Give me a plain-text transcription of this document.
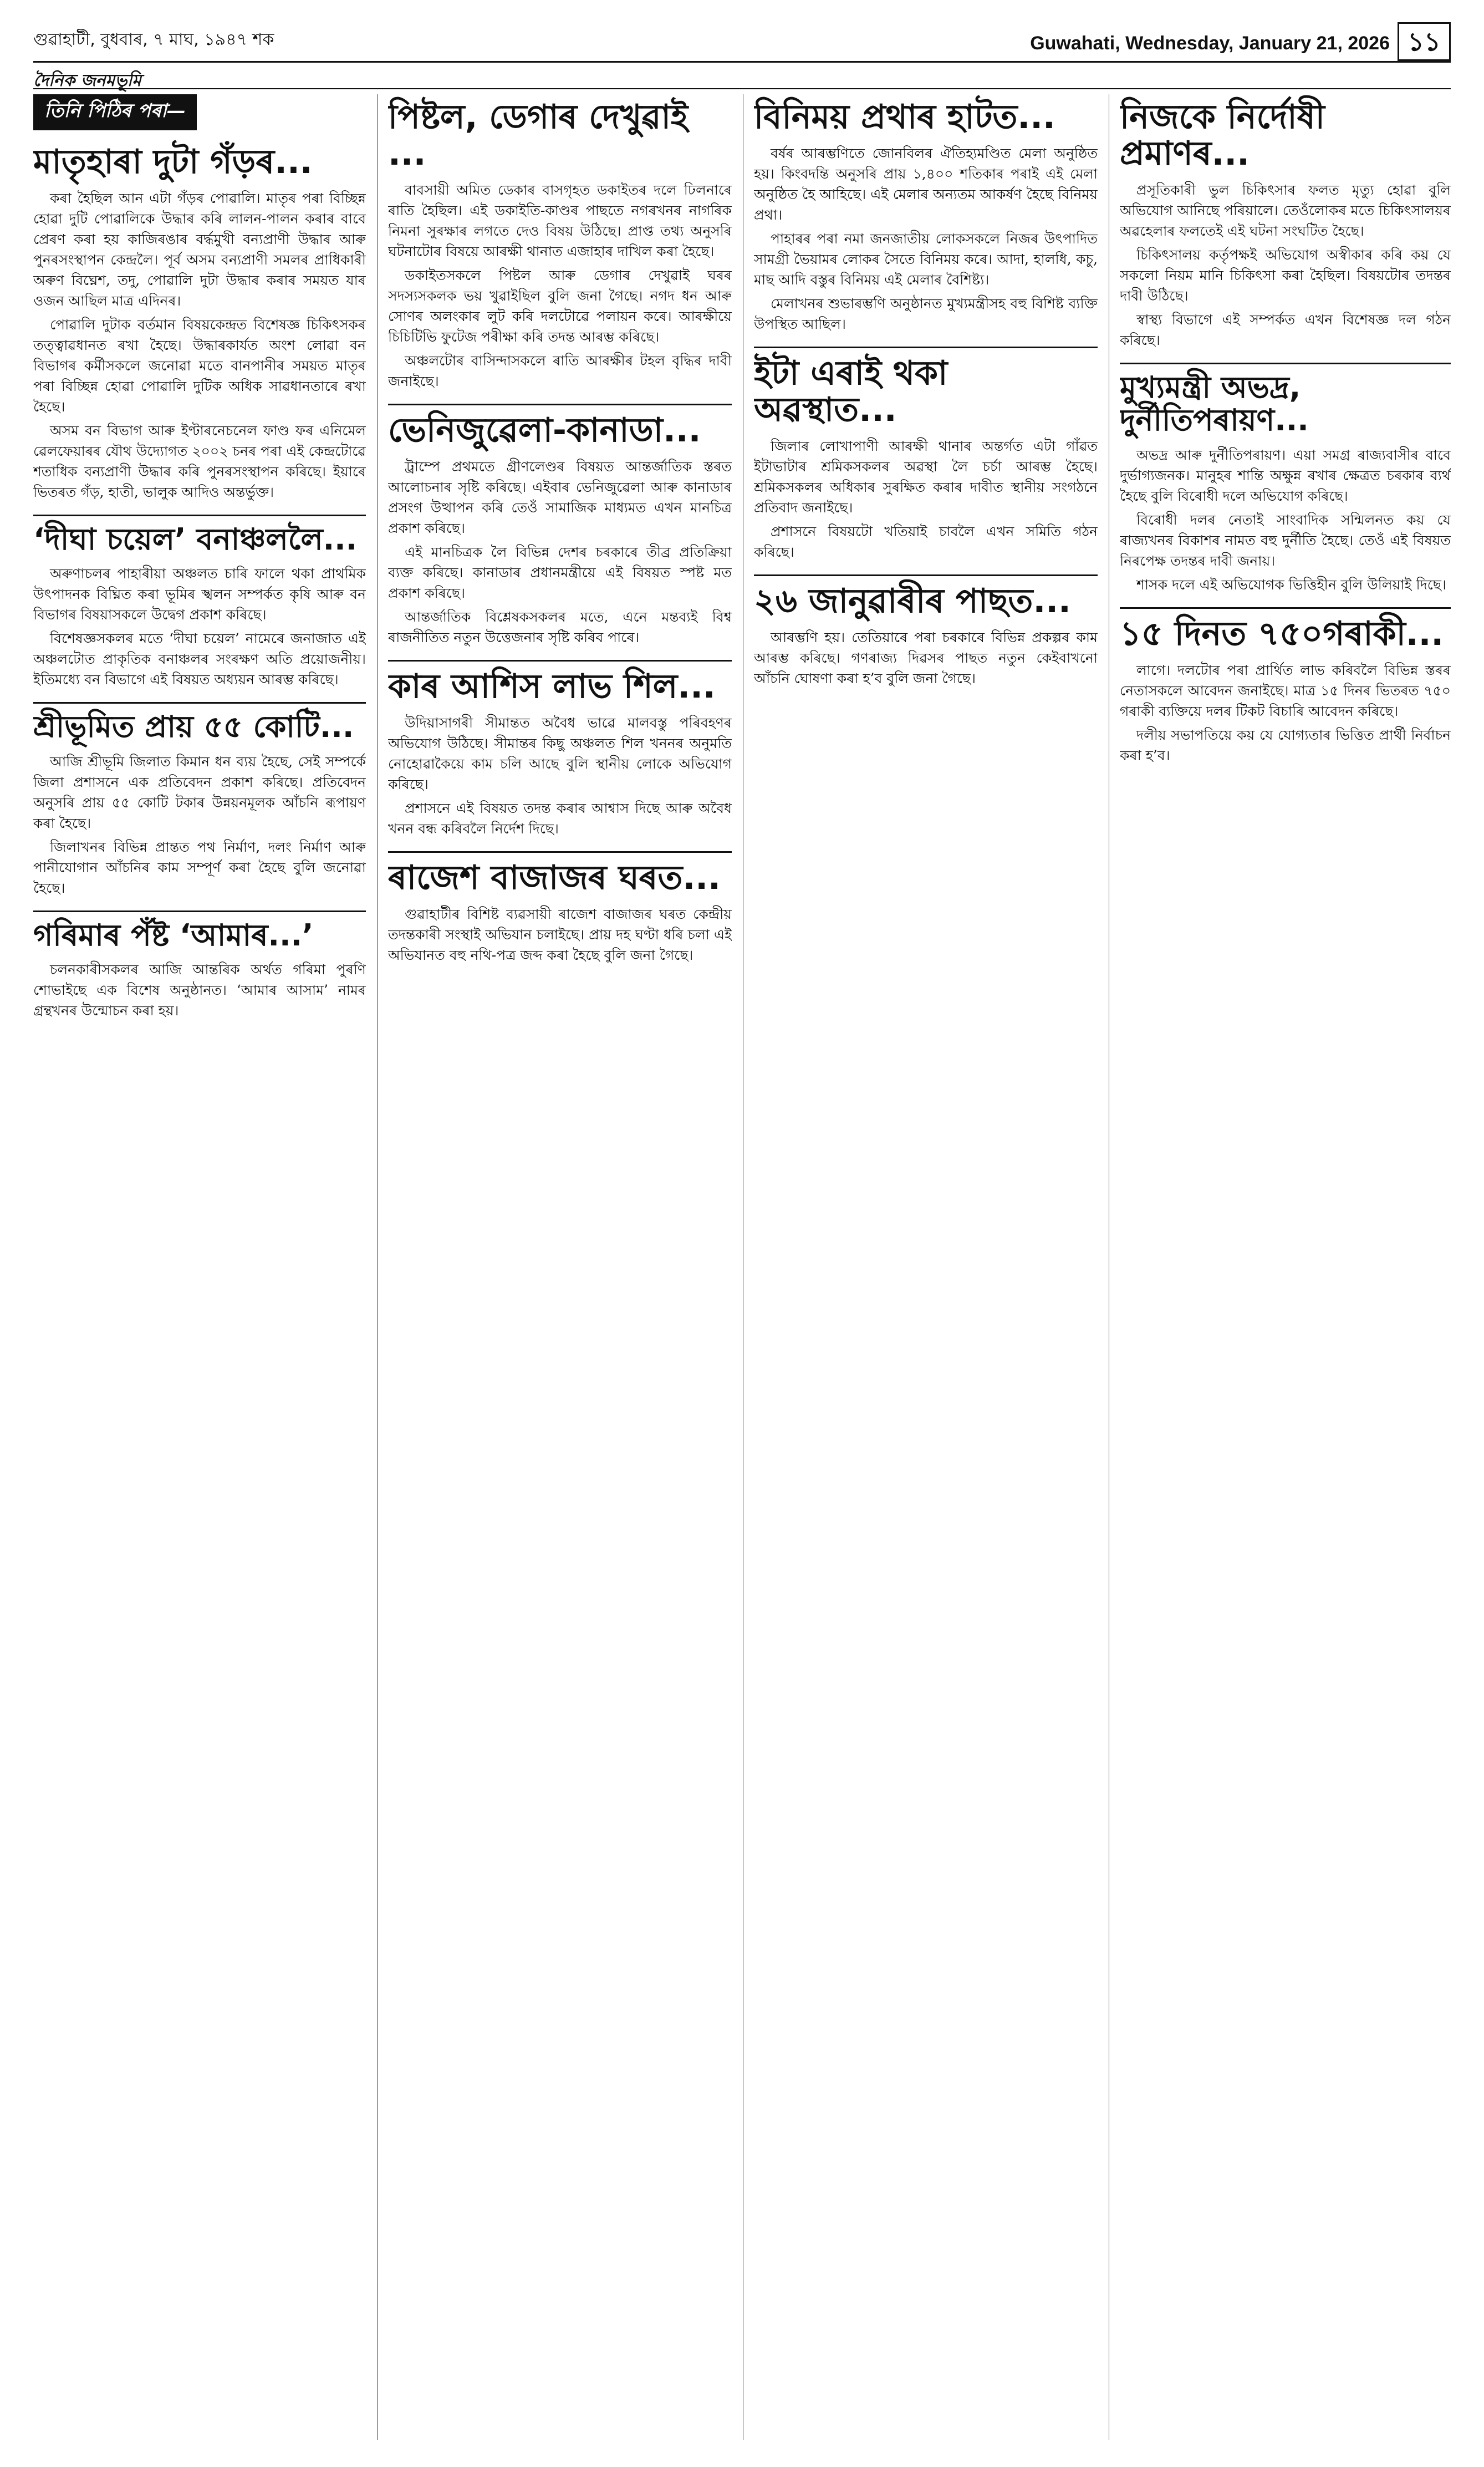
গুৱাহাটী, বুধবাৰ, ৭ মাঘ, ১৯৪৭ শক	Guwahati, Wednesday, January 21, 2026 ১১
দৈনিক জনমভূমি
তিনি পিঠিৰ পৰা—
মাতৃহাৰা দুটা গঁড়ৰ...

কৰা হৈছিল আন এটা গঁড়ৰ পোৱালি। মাতৃৰ পৰা বিচ্ছিন্ন হোৱা দুটি পোৱালিকে উদ্ধাৰ কৰি লালন-পালন কৰাৰ বাবে প্ৰেৰণ কৰা হয় কাজিৰঙাৰ বৰ্দ্ধমুখী বন্যপ্ৰাণী উদ্ধাৰ আৰু পুনৰসংস্থাপন কেন্দ্ৰলৈ। পূৰ্ব অসম বন্যপ্ৰাণী সমলৰ প্ৰাধিকাৰী অৰুণ বিঘ্নেশ, তদু, পোৱালি দুটা উদ্ধাৰ কৰাৰ সময়ত যাৰ ওজন আছিল মাত্ৰ এদিনৰ।

পোৱালি দুটাক বৰ্তমান বিষয়কেন্দ্ৰত বিশেষজ্ঞ চিকিৎসকৰ তত্ত্বাৱধানত ৰখা হৈছে। উদ্ধাৰকাৰ্যত অংশ লোৱা বন বিভাগৰ কৰ্মীসকলে জনোৱা মতে বানপানীৰ সময়ত মাতৃৰ পৰা বিচ্ছিন্ন হোৱা পোৱালি দুটিক অধিক সাৱধানতাৰে ৰখা হৈছে।

অসম বন বিভাগ আৰু ইণ্টাৰনেচনেল ফাণ্ড ফৰ এনিমেল ৱেলফেয়াৰৰ যৌথ উদ্যোগত ২০০২ চনৰ পৰা এই কেন্দ্ৰটোৱে শতাধিক বন্যপ্ৰাণী উদ্ধাৰ কৰি পুনৰসংস্থাপন কৰিছে। ইয়াৰে ভিতৰত গঁড়, হাতী, ভালুক আদিও অন্তৰ্ভুক্ত।

‘দীঘা চয়েল’ বনাঞ্চললৈ...

অৰুণাচলৰ পাহাৰীয়া অঞ্চলত চাৰি ফালে থকা প্ৰাথমিক উৎপাদনক বিঘ্নিত কৰা ভূমিৰ স্খলন সম্পৰ্কত কৃষি আৰু বন বিভাগৰ বিষয়াসকলে উদ্বেগ প্ৰকাশ কৰিছে।

বিশেষজ্ঞসকলৰ মতে ‘দীঘা চয়েল’ নামেৰে জনাজাত এই অঞ্চলটোত প্ৰাকৃতিক বনাঞ্চলৰ সংৰক্ষণ অতি প্ৰয়োজনীয়। ইতিমধ্যে বন বিভাগে এই বিষয়ত অধ্যয়ন আৰম্ভ কৰিছে।

শ্ৰীভূমিত প্ৰায় ৫৫ কোটি...

আজি শ্ৰীভূমি জিলাত কিমান ধন ব্যয় হৈছে, সেই সম্পৰ্কে জিলা প্ৰশাসনে এক প্ৰতিবেদন প্ৰকাশ কৰিছে। প্ৰতিবেদন অনুসৰি প্ৰায় ৫৫ কোটি টকাৰ উন্নয়নমূলক আঁচনি ৰূপায়ণ কৰা হৈছে।

জিলাখনৰ বিভিন্ন প্ৰান্তত পথ নিৰ্মাণ, দলং নিৰ্মাণ আৰু পানীযোগান আঁচনিৰ কাম সম্পূৰ্ণ কৰা হৈছে বুলি জনোৱা হৈছে।

গৰিমাৰ পঁষ্ট ‘আমাৰ...’

চলনকাৰীসকলৰ আজি আন্তৰিক অৰ্থত গৰিমা পুৰণি শোভাইছে এক বিশেষ অনুষ্ঠানত। ‘আমাৰ আসাম’ নামৰ গ্ৰন্থখনৰ উন্মোচন কৰা হয়।

পিষ্টল, ডেগাৰ দেখুৱাই ...

বাবসায়ী অমিত ডেকাৰ বাসগৃহত ডকাইতৰ দলে ঢিলনাৰে ৰাতি হৈছিল। এই ডকাইতি-কাণ্ডৰ পাছতে নগৰখনৰ নাগৰিক নিমনা সুৰক্ষাৰ লগতে দেও বিষয় উঠিছে। প্ৰাপ্ত তথ্য অনুসৰি ঘটনাটোৰ বিষয়ে আৰক্ষী থানাত এজাহাৰ দাখিল কৰা হৈছে।

ডকাইতসকলে পিষ্টল আৰু ডেগাৰ দেখুৱাই ঘৰৰ সদস্যসকলক ভয় খুৱাইছিল বুলি জনা গৈছে। নগদ ধন আৰু সোণৰ অলংকাৰ লুট কৰি দলটোৱে পলায়ন কৰে। আৰক্ষীয়ে চিচিটিভি ফুটেজ পৰীক্ষা কৰি তদন্ত আৰম্ভ কৰিছে।

অঞ্চলটোৰ বাসিন্দাসকলে ৰাতি আৰক্ষীৰ টহল বৃদ্ধিৰ দাবী জনাইছে।

ভেনিজুৱেলা-কানাডা...

ট্ৰাম্পে প্ৰথমতে গ্ৰীণলেণ্ডৰ বিষয়ত আন্তৰ্জাতিক স্তৰত আলোচনাৰ সৃষ্টি কৰিছে। এইবাৰ ভেনিজুৱেলা আৰু কানাডাৰ প্ৰসংগ উত্থাপন কৰি তেওঁ সামাজিক মাধ্যমত এখন মানচিত্ৰ প্ৰকাশ কৰিছে।

এই মানচিত্ৰক লৈ বিভিন্ন দেশৰ চৰকাৰে তীব্ৰ প্ৰতিক্ৰিয়া ব্যক্ত কৰিছে। কানাডাৰ প্ৰধানমন্ত্ৰীয়ে এই বিষয়ত স্পষ্ট মত প্ৰকাশ কৰিছে।

আন্তৰ্জাতিক বিশ্লেষকসকলৰ মতে, এনে মন্তব্যই বিশ্ব ৰাজনীতিত নতুন উত্তেজনাৰ সৃষ্টি কৰিব পাৰে।

কাৰ আশিস লাভ শিল...

উদিয়াসাগৰী সীমান্তত অবৈধ ভাৱে মালবস্তু পৰিবহণৰ অভিযোগ উঠিছে। সীমান্তৰ কিছু অঞ্চলত শিল খননৰ অনুমতি নোহোৱাকৈয়ে কাম চলি আছে বুলি স্থানীয় লোকে অভিযোগ কৰিছে।

প্ৰশাসনে এই বিষয়ত তদন্ত কৰাৰ আশ্বাস দিছে আৰু অবৈধ খনন বন্ধ কৰিবলৈ নিৰ্দেশ দিছে।

ৰাজেশ বাজাজৰ ঘৰত...

গুৱাহাটীৰ বিশিষ্ট ব্যৱসায়ী ৰাজেশ বাজাজৰ ঘৰত কেন্দ্ৰীয় তদন্তকাৰী সংস্থাই অভিযান চলাইছে। প্ৰায় দহ ঘণ্টা ধৰি চলা এই অভিযানত বহু নথি-পত্ৰ জব্দ কৰা হৈছে বুলি জনা গৈছে।

বিনিময় প্ৰথাৰ হাটত...

বৰ্ষৰ আৰম্ভণিতে জোনবিলৰ ঐতিহ্যমণ্ডিত মেলা অনুষ্ঠিত হয়। কিংবদন্তি অনুসৰি প্ৰায় ১,৪০০ শতিকাৰ পৰাই এই মেলা অনুষ্ঠিত হৈ আহিছে। এই মেলাৰ অন্যতম আকৰ্ষণ হৈছে বিনিময় প্ৰথা।

পাহাৰৰ পৰা নমা জনজাতীয় লোকসকলে নিজৰ উৎপাদিত সামগ্ৰী ভৈয়ামৰ লোকৰ সৈতে বিনিময় কৰে। আদা, হালধি, কচু, মাছ আদি বস্তুৰ বিনিময় এই মেলাৰ বৈশিষ্ট্য।

মেলাখনৰ শুভাৰম্ভণি অনুষ্ঠানত মুখ্যমন্ত্ৰীসহ বহু বিশিষ্ট ব্যক্তি উপস্থিত আছিল।

ইটা এৰাই থকা অৱস্থাত...

জিলাৰ লোখাপাণী আৰক্ষী থানাৰ অন্তৰ্গত এটা গাঁৱত ইটাভাটাৰ শ্ৰমিকসকলৰ অৱস্থা লৈ চৰ্চা আৰম্ভ হৈছে। শ্ৰমিকসকলৰ অধিকাৰ সুৰক্ষিত কৰাৰ দাবীত স্থানীয় সংগঠনে প্ৰতিবাদ জনাইছে।

প্ৰশাসনে বিষয়টো খতিয়াই চাবলৈ এখন সমিতি গঠন কৰিছে।

২৬ জানুৱাৰীৰ পাছত...

আৰম্ভণি হয়। তেতিয়াৰে পৰা চৰকাৰে বিভিন্ন প্ৰকল্পৰ কাম আৰম্ভ কৰিছে। গণৰাজ্য দিৱসৰ পাছত নতুন কেইবাখনো আঁচনি ঘোষণা কৰা হ’ব বুলি জনা গৈছে।

নিজকে নিৰ্দোষী প্ৰমাণৰ...

প্ৰসূতিকাৰী ভুল চিকিৎসাৰ ফলত মৃত্যু হোৱা বুলি অভিযোগ আনিছে পৰিয়ালে। তেওঁলোকৰ মতে চিকিৎসালয়ৰ অৱহেলাৰ ফলতেই এই ঘটনা সংঘটিত হৈছে।

চিকিৎসালয় কৰ্তৃপক্ষই অভিযোগ অস্বীকাৰ কৰি কয় যে সকলো নিয়ম মানি চিকিৎসা কৰা হৈছিল। বিষয়টোৰ তদন্তৰ দাবী উঠিছে।

স্বাস্থ্য বিভাগে এই সম্পৰ্কত এখন বিশেষজ্ঞ দল গঠন কৰিছে।

মুখ্যমন্ত্ৰী অভদ্ৰ, দুৰ্নীতিপৰায়ণ...

অভদ্ৰ আৰু দুৰ্নীতিপৰায়ণ। এয়া সমগ্ৰ ৰাজ্যবাসীৰ বাবে দুৰ্ভাগ্যজনক। মানুহৰ শান্তি অক্ষুন্ন ৰখাৰ ক্ষেত্ৰত চৰকাৰ ব্যৰ্থ হৈছে বুলি বিৰোধী দলে অভিযোগ কৰিছে।

বিৰোধী দলৰ নেতাই সাংবাদিক সন্মিলনত কয় যে ৰাজ্যখনৰ বিকাশৰ নামত বহু দুৰ্নীতি হৈছে। তেওঁ এই বিষয়ত নিৰপেক্ষ তদন্তৰ দাবী জনায়।

শাসক দলে এই অভিযোগক ভিত্তিহীন বুলি উলিয়াই দিছে।

১৫ দিনত ৭৫০গৰাকী...

লাগে। দলটোৰ পৰা প্ৰাৰ্থিত লাভ কৰিবলৈ বিভিন্ন স্তৰৰ নেতাসকলে আবেদন জনাইছে। মাত্ৰ ১৫ দিনৰ ভিতৰত ৭৫০ গৰাকী ব্যক্তিয়ে দলৰ টিকট বিচাৰি আবেদন কৰিছে।

দলীয় সভাপতিয়ে কয় যে যোগ্যতাৰ ভিত্তিত প্ৰাৰ্থী নিৰ্বাচন কৰা হ’ব।
